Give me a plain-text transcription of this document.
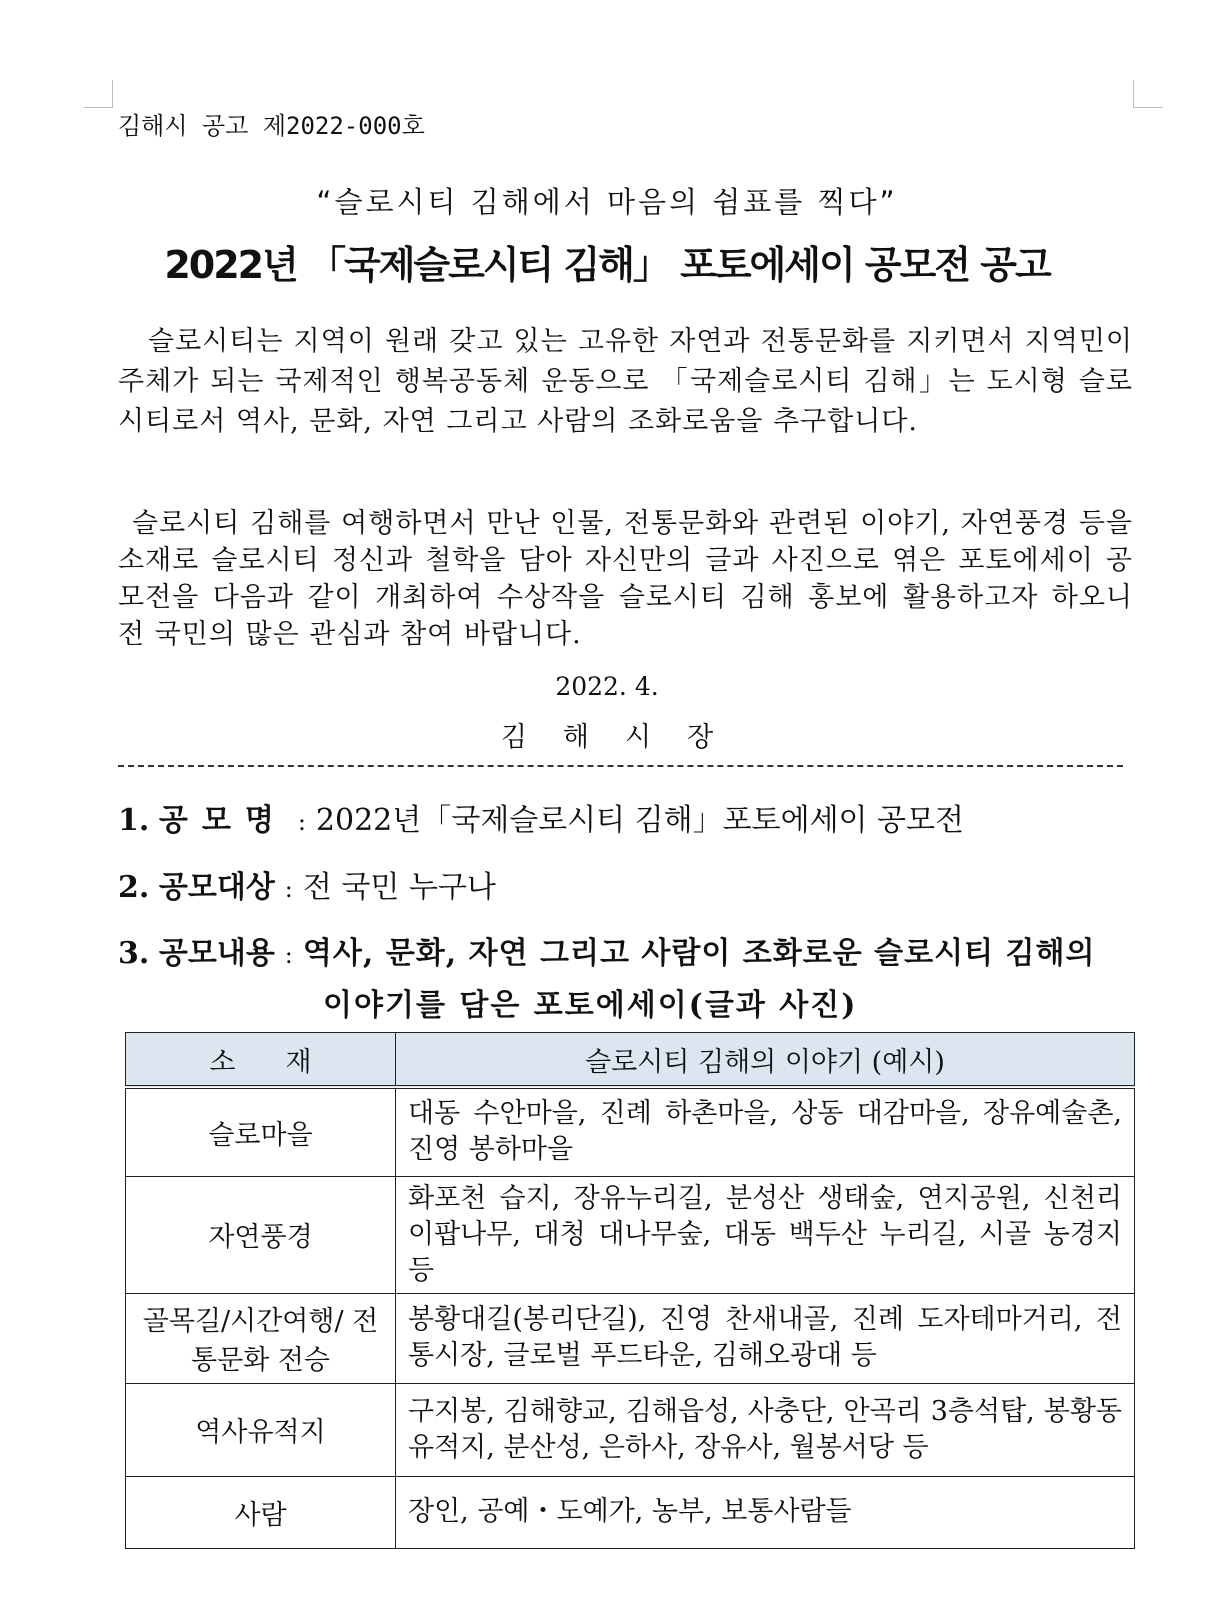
김해시 공고 제2022-000호
“슬로시티 김해에서 마음의 쉼표를 찍다”
2022년 「국제슬로시티 김해」 포토에세이 공모전 공고

슬로시티는 지역이 원래 갖고 있는 고유한 자연과 전통문화를 지키면서 지역민이 주체가 되는 국제적인 행복공동체 운동으로 「국제슬로시티 김해」는 도시형 슬로시티로서 역사, 문화, 자연 그리고 사람의 조화로움을 추구합니다.

슬로시티 김해를 여행하면서 만난 인물, 전통문화와 관련된 이야기, 자연풍경 등을 소재로 슬로시티 정신과 철학을 담아 자신만의 글과 사진으로 엮은 포토에세이 공모전을 다음과 같이 개최하여 수상작을 슬로시티 김해 홍보에 활용하고자 하오니 전 국민의 많은 관심과 참여 바랍니다.

2022. 4.
김해시장
1. 공모명 : 2022년「국제슬로시티 김해」포토에세이 공모전
2. 공모대상 : 전 국민 누구나
3. 공모내용 : 역사, 문화, 자연 그리고 사람이 조화로운 슬로시티 김해의
이야기를 담은 포토에세이(글과 사진)
소재	슬로시티 김해의 이야기 (예시)
슬로마을	대동 수안마을, 진례 하촌마을, 상동 대감마을, 장유예술촌, 진영 봉하마을
자연풍경	화포천 습지, 장유누리길, 분성산 생태숲, 연지공원, 신천리 이팝나무, 대청 대나무숲, 대동 백두산 누리길, 시골 농경지 등
골목길/시간여행/ 전통문화 전승	봉황대길(봉리단길), 진영 찬새내골, 진례 도자테마거리, 전통시장, 글로벌 푸드타운, 김해오광대 등
역사유적지	구지봉, 김해향교, 김해읍성, 사충단, 안곡리 3층석탑, 봉황동유적지, 분산성, 은하사, 장유사, 월봉서당 등
사람	장인, 공예・도예가, 농부, 보통사람들
